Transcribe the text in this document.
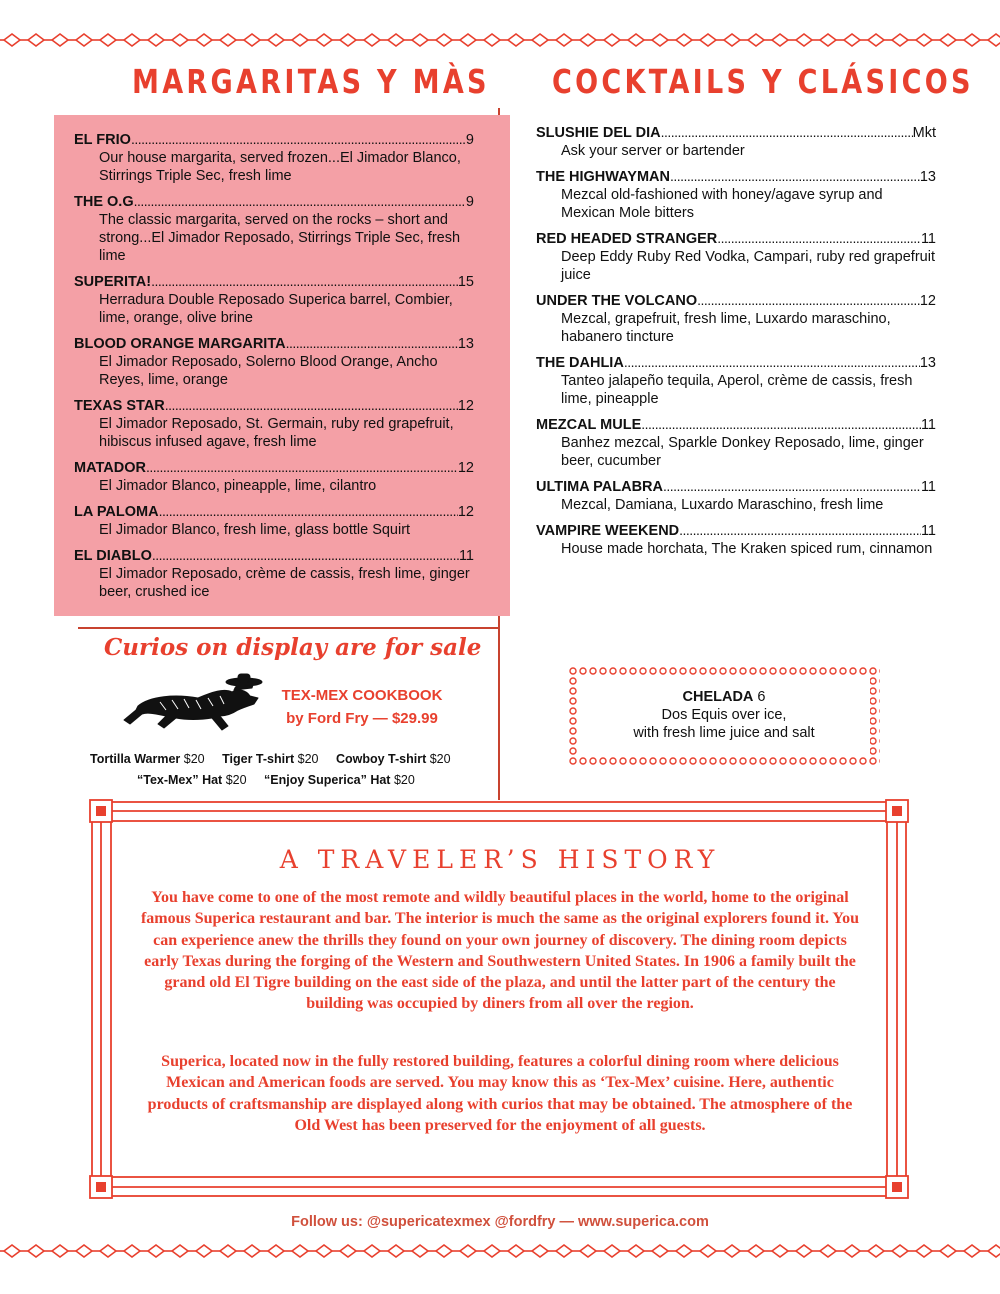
MARGARITAS Y MÀS COCKTAILS Y CLÁSICOS
EL FRIO . . .	9
Our house margarita, served frozen...El Jimador Blanco, Stirrings Triple Sec, fresh lime
THE O.G . . .	9
The classic margarita, served on the rocks – short and strong...El Jimador Reposado, Stirrings Triple Sec, fresh lime
SUPERITA! . . .	15
Herradura Double Reposado Superica barrel, Combier, lime, orange, olive brine
BLOOD ORANGE MARGARITA . . .	13
El Jimador Reposado, Solerno Blood Orange, Ancho Reyes, lime, orange
TEXAS STAR . . .	12
El Jimador Reposado, St. Germain, ruby red grapefruit, hibiscus infused agave, fresh lime
MATADOR . . .	12
El Jimador Blanco, pineapple, lime, cilantro
LA PALOMA . . .	12
El Jimador Blanco, fresh lime, glass bottle Squirt
EL DIABLO . . .	11
El Jimador Reposado, crème de cassis, fresh lime, ginger beer, crushed ice
SLUSHIE DEL DIA . . .	Mkt
Ask your server or bartender
THE HIGHWAYMAN . . .	13
Mezcal old-fashioned with honey/agave syrup and Mexican Mole bitters
RED HEADED STRANGER . . .	11
Deep Eddy Ruby Red Vodka, Campari, ruby red grapefruit juice
UNDER THE VOLCANO . . .	12
Mezcal, grapefruit, fresh lime, Luxardo maraschino, habanero tincture
THE DAHLIA . . .	13
Tanteo jalapeño tequila, Aperol, crème de cassis, fresh lime, pineapple
MEZCAL MULE . . .	11
Banhez mezcal, Sparkle Donkey Reposado, lime, ginger beer, cucumber
ULTIMA PALABRA . . .	11
Mezcal, Damiana, Luxardo Maraschino, fresh lime
VAMPIRE WEEKEND . . .	11
House made horchata, The Kraken spiced rum, cinnamon
Curios on display are for sale
TEX-MEX COOKBOOK
by Ford Fry — $29.99
Tortilla Warmer $20 Tiger T-shirt $20 Cowboy T-shirt $20
“Tex-Mex” Hat $20 “Enjoy Superica” Hat $20
CHELADA 6
Dos Equis over ice,
with fresh lime juice and salt
A TRAVELER’S HISTORY

You have come to one of the most remote and wildly beautiful places in the world, home to the original famous Superica restaurant and bar. The interior is much the same as the original explorers found it. You can experience anew the thrills they found on your own journey of discovery. The dining room depicts early Texas during the forging of the Western and Southwestern United States. In 1906 a family built the grand old El Tigre building on the east side of the plaza, and until the latter part of the century the building was occupied by diners from all over the region.

Superica, located now in the fully restored building, features a colorful dining room where delicious Mexican and American foods are served. You may know this as ‘Tex-Mex’ cuisine. Here, authentic products of craftsmanship are displayed along with curios that may be obtained. The atmosphere of the Old West has been preserved for the enjoyment of all guests.

Follow us: @supericatexmex @fordfry — www.superica.com
